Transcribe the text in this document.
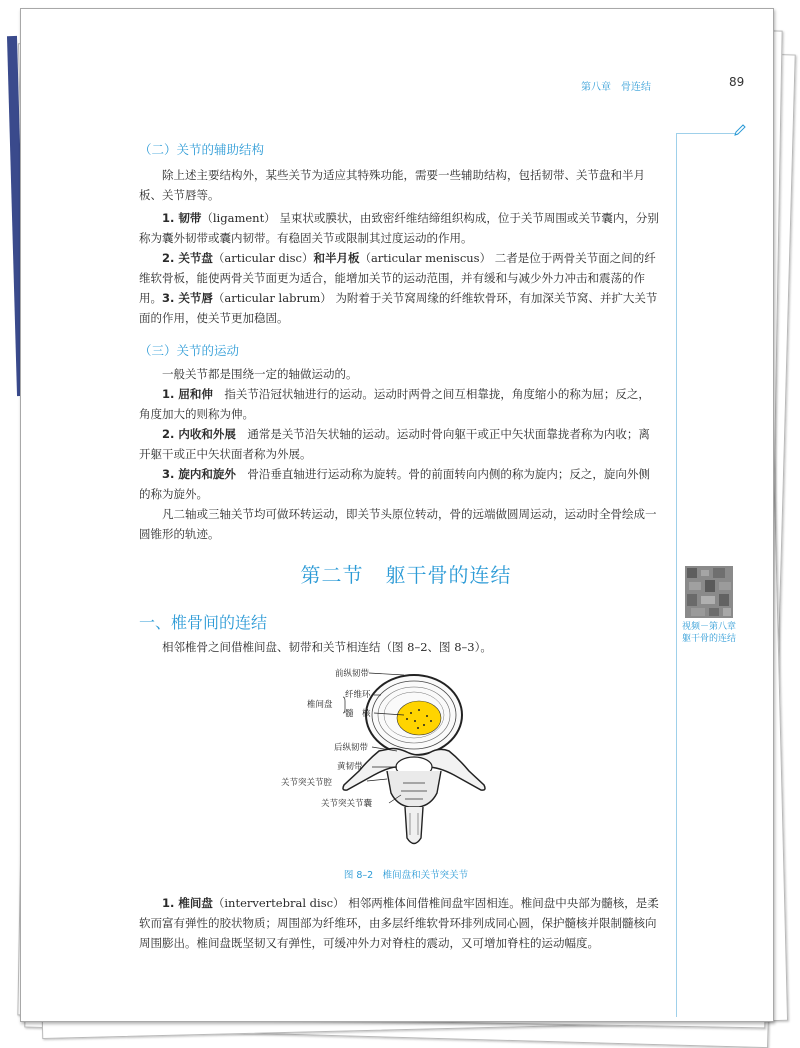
第八章　骨连结	89
视频－第八章 躯干骨的连结
（二）关节的辅助结构
除上述主要结构外，某些关节为适应其特殊功能，需要一些辅助结构，包括韧带、关节盘和半月板、关节唇等。
1. 韧带（ligament） 呈束状或膜状，由致密纤维结缔组织构成，位于关节周围或关节囊内，分别称为囊外韧带或囊内韧带。有稳固关节或限制其过度运动的作用。
2. 关节盘（articular disc）和半月板（articular meniscus） 二者是位于两骨关节面之间的纤维软骨板，能使两骨关节面更为适合，能增加关节的运动范围，并有缓和与减少外力冲击和震荡的作用。 3. 关节唇（articular labrum） 为附着于关节窝周缘的纤维软骨环，有加深关节窝、并扩大关节面的作用，使关节更加稳固。
（三）关节的运动
一般关节都是围绕一定的轴做运动的。
1. 屈和伸　 指关节沿冠状轴进行的运动。运动时两骨之间互相靠拢，角度缩小的称为屈；反之，角度加大的则称为伸。
2. 内收和外展　 通常是关节沿矢状轴的运动。运动时骨向躯干或正中矢状面靠拢者称为内收；离开躯干或正中矢状面者称为外展。
3. 旋内和旋外　 骨沿垂直轴进行运动称为旋转。骨的前面转向内侧的称为旋内；反之，旋向外侧的称为旋外。
凡二轴或三轴关节均可做环转运动，即关节头原位转动，骨的远端做圆周运动，运动时全骨绘成一圆锥形的轨迹。
第二节 躯干骨的连结
一、椎骨间的连结
相邻椎骨之间借椎间盘、韧带和关节相连结（图 8–2、图 8–3）。
前纵韧带
椎间盘
纤维环
髓　核
后纵韧带
黄韧带
关节突关节腔
关节突关节囊
图 8–2　椎间盘和关节突关节
1. 椎间盘（intervertebral disc） 相邻两椎体间借椎间盘牢固相连。椎间盘中央部为髓核，是柔软而富有弹性的胶状物质；周围部为纤维环，由多层纤维软骨环排列成同心圆，保护髓核并限制髓核向周围膨出。椎间盘既坚韧又有弹性，可缓冲外力对脊柱的震动，又可增加脊柱的运动幅度。
